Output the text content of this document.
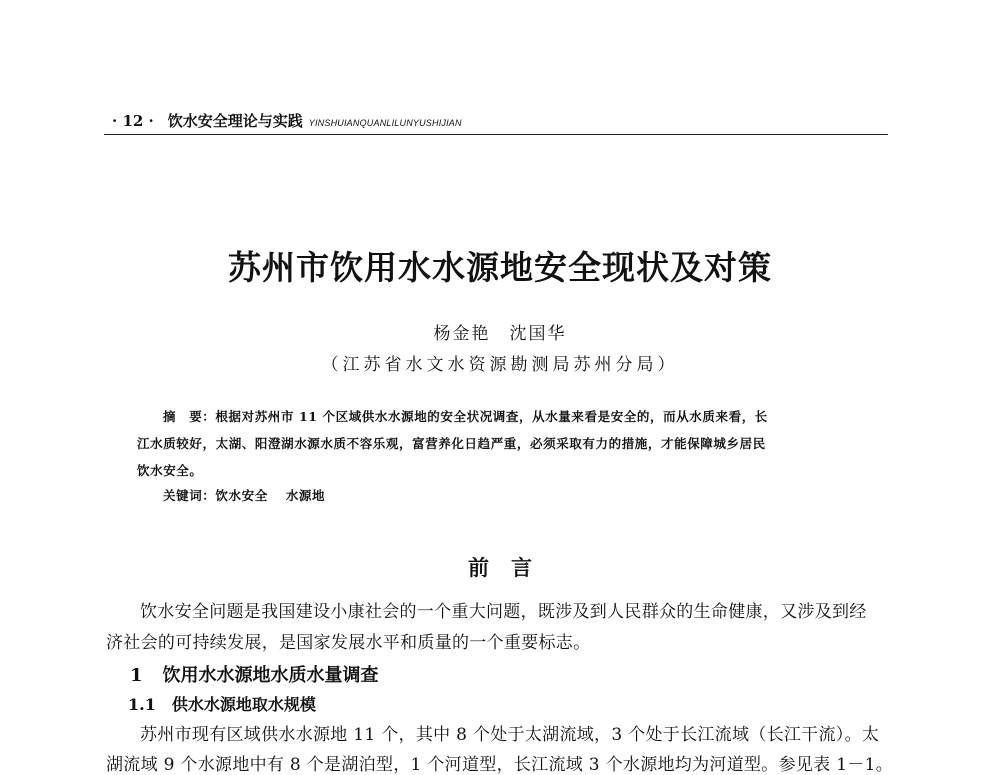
· 12 · 饮水安全理论与实践 YINSHUIANQUANLILUNYUSHIJIAN
苏州市饮用水水源地安全现状及对策
杨金艳　沈国华
（江苏省水文水资源勘测局苏州分局）
摘　要：根据对苏州市 11 个区域供水水源地的安全状况调查，从水量来看是安全的，而从水质来看，长
江水质较好，太湖、阳澄湖水源水质不容乐观，富营养化日趋严重，必须采取有力的措施，才能保障城乡居民
饮水安全。
关键词：饮水安全 水源地
前言
饮水安全问题是我国建设小康社会的一个重大问题，既涉及到人民群众的生命健康，又涉及到经
济社会的可持续发展，是国家发展水平和质量的一个重要标志。
1 饮用水水源地水质水量调查
1.1 供水水源地取水规模
苏州市现有区域供水水源地 11 个，其中 8 个处于太湖流域，3 个处于长江流域（长江干流）。太
湖流域 9 个水源地中有 8 个是湖泊型，1 个河道型，长江流域 3 个水源地均为河道型。参见表 1－1。
